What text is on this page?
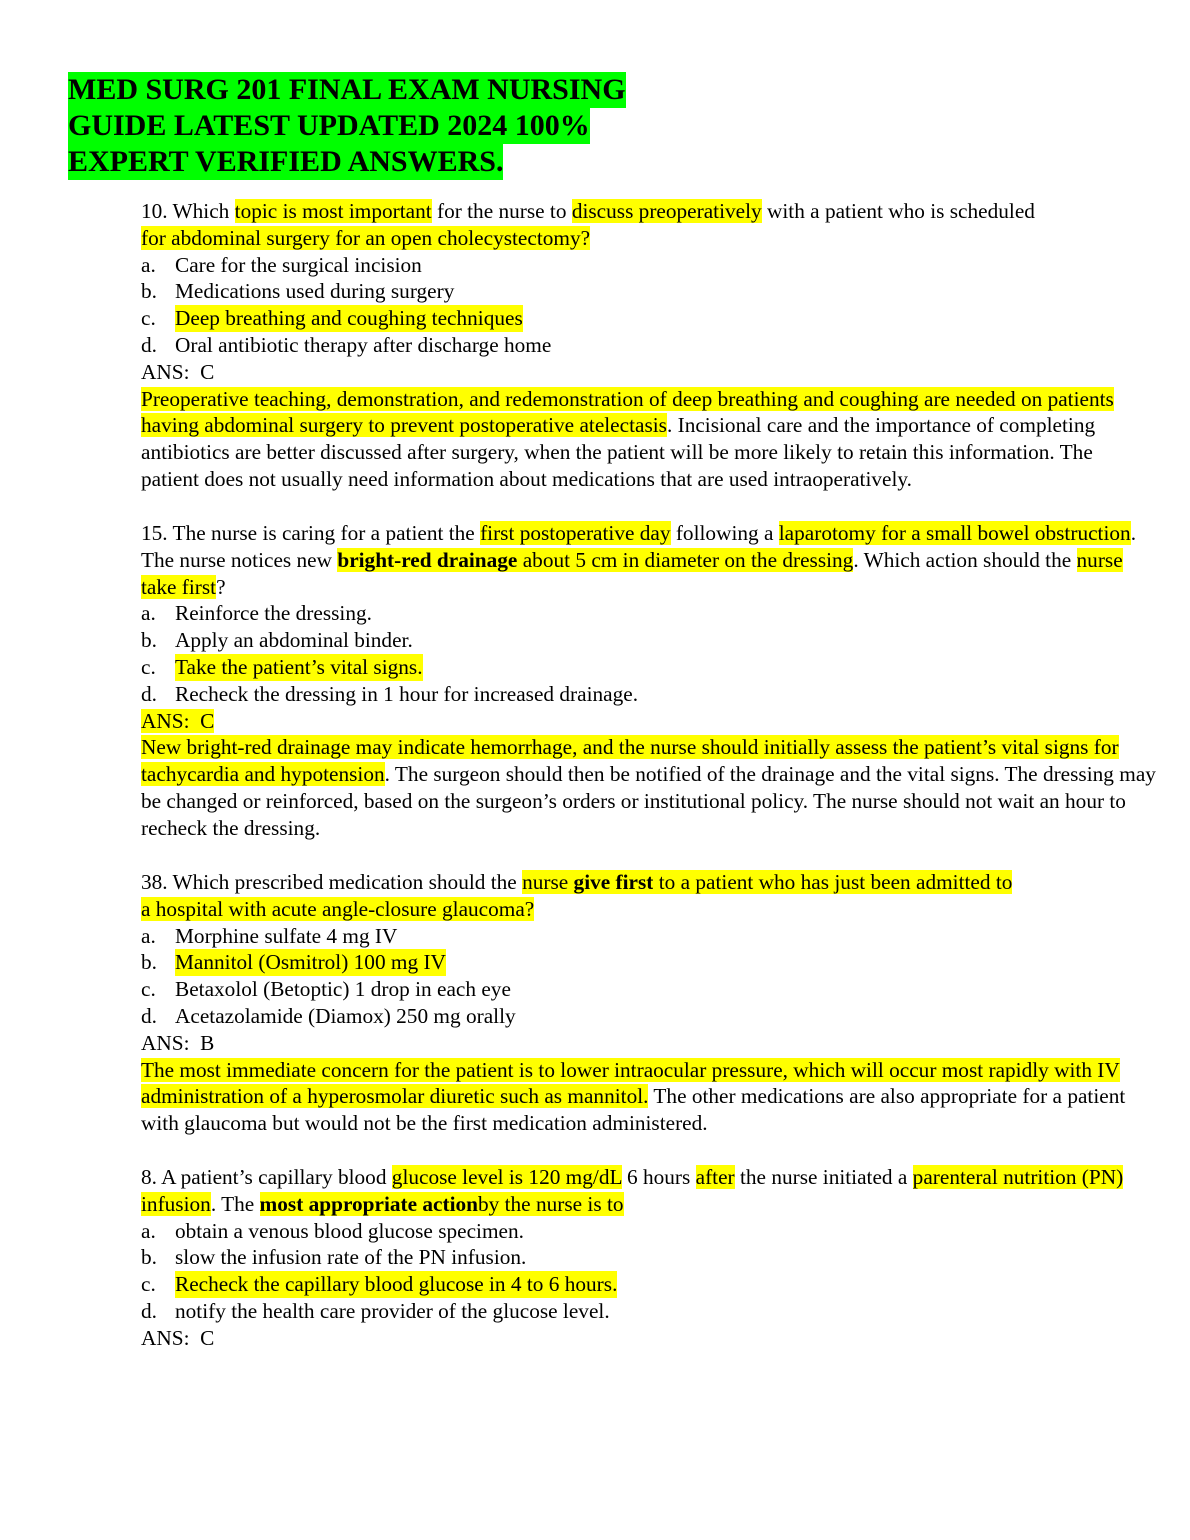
MED SURG 201 FINAL EXAM NURSING
GUIDE LATEST UPDATED 2024 100%
EXPERT VERIFIED ANSWERS.

10. Which topic is most important for the nurse to discuss preoperatively with a patient who is scheduled
for abdominal surgery for an open cholecystectomy?

a. Care for the surgical incision
b. Medications used during surgery
c. Deep breathing and coughing techniques
d. Oral antibiotic therapy after discharge home

ANS:  C

Preoperative teaching, demonstration, and redemonstration of deep breathing and coughing are needed on patients having abdominal surgery to prevent postoperative atelectasis. Incisional care and the importance of completing antibiotics are better discussed after surgery, when the patient will be more likely to retain this information. The patient does not usually need information about medications that are used intraoperatively.

15. The nurse is caring for a patient the first postoperative day following a laparotomy for a small bowel obstruction. The nurse notices new bright-red drainage about 5 cm in diameter on the dressing. Which action should the nurse take first?

a. Reinforce the dressing.
b. Apply an abdominal binder.
c. Take the patient’s vital signs.
d. Recheck the dressing in 1 hour for increased drainage.

ANS:  C

New bright-red drainage may indicate hemorrhage, and the nurse should initially assess the patient’s vital signs for tachycardia and hypotension. The surgeon should then be notified of the drainage and the vital signs. The dressing may be changed or reinforced, based on the surgeon’s orders or institutional policy. The nurse should not wait an hour to recheck the dressing.

38. Which prescribed medication should the nurse give first to a patient who has just been admitted to
a hospital with acute angle-closure glaucoma?

a. Morphine sulfate 4 mg IV
b. Mannitol (Osmitrol) 100 mg IV
c. Betaxolol (Betoptic) 1 drop in each eye
d. Acetazolamide (Diamox) 250 mg orally

ANS:  B

The most immediate concern for the patient is to lower intraocular pressure, which will occur most rapidly with IV administration of a hyperosmolar diuretic such as mannitol. The other medications are also appropriate for a patient with glaucoma but would not be the first medication administered.

8. A patient’s capillary blood glucose level is 120 mg/dL 6 hours after the nurse initiated a parenteral nutrition (PN) infusion. The most appropriate actionby the nurse is to

a. obtain a venous blood glucose specimen.
b. slow the infusion rate of the PN infusion.
c. Recheck the capillary blood glucose in 4 to 6 hours.
d. notify the health care provider of the glucose level.

ANS:  C
